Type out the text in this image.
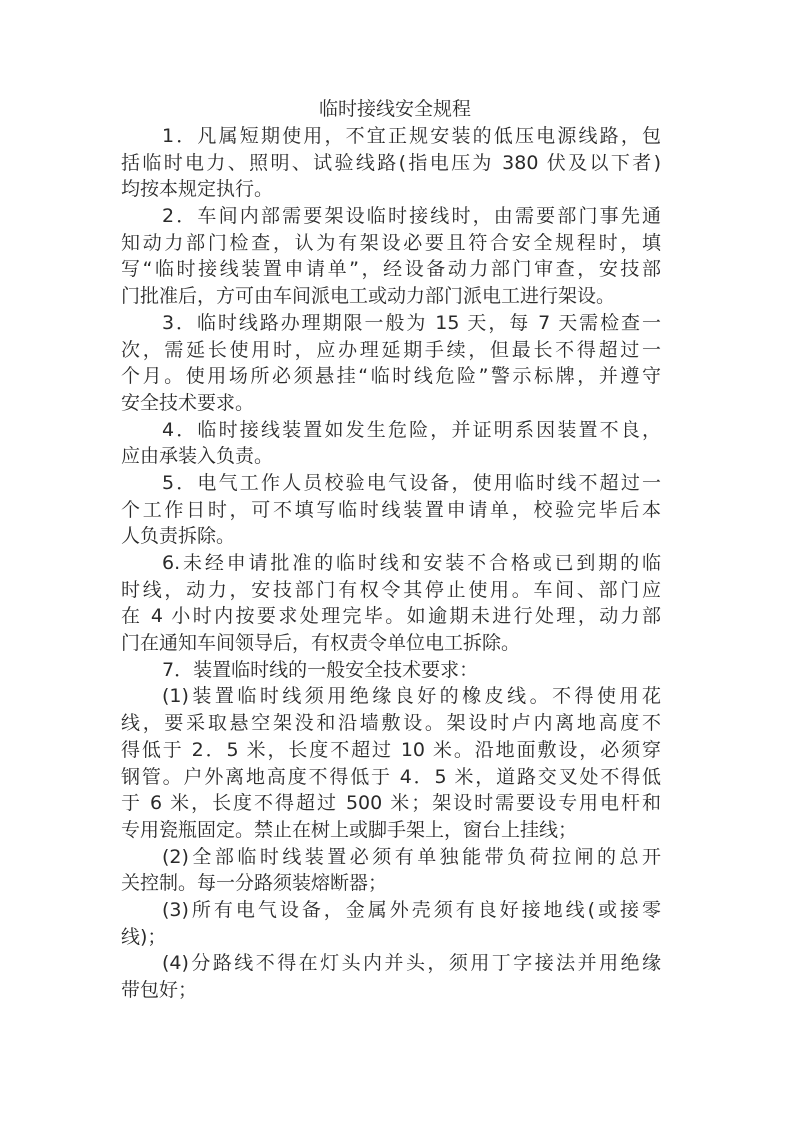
临时接线安全规程
1．凡属短期使用，不宜正规安装的低压电源线路，包
括临时电力、照明、试验线路(指电压为 380 伏及以下者)
均按本规定执行。
2．车间内部需要架设临时接线时，由需要部门事先通
知动力部门检查，认为有架设必要且符合安全规程时，填
写“临时接线装置申请单”，经设备动力部门审查，安技部
门批准后，方可由车间派电工或动力部门派电工进行架设。
3．临时线路办理期限一般为 15 天，每 7 天需检查一
次，需延长使用时，应办理延期手续，但最长不得超过一
个月。使用场所必须悬挂“临时线危险”警示标牌，并遵守
安全技术要求。
4．临时接线装置如发生危险，并证明系因装置不良，
应由承装入负责。
5．电气工作人员校验电气设备，使用临时线不超过一
个工作日时，可不填写临时线装置申请单，校验完毕后本
人负责拆除。
6.未经申请批准的临时线和安装不合格或已到期的临
时线，动力，安技部门有权令其停止使用。车间、部门应
在 4 小时内按要求处理完毕。如逾期未进行处理，动力部
门在通知车间领导后，有权责令单位电工拆除。
7．装置临时线的一般安全技术要求：
(1)装置临时线须用绝缘良好的橡皮线。不得使用花
线，要采取悬空架没和沿墙敷设。架设时卢内离地高度不
得低于 2．5 米，长度不超过 10 米。沿地面敷设，必须穿
钢管。户外离地高度不得低于 4．5 米，道路交叉处不得低
于 6 米，长度不得超过 500 米；架设时需要设专用电杆和
专用瓷瓶固定。禁止在树上或脚手架上，窗台上挂线；
(2)全部临时线装置必须有单独能带负荷拉闸的总开
关控制。每一分路须装熔断器；
(3)所有电气设备，金属外壳须有良好接地线(或接零
线)；
(4)分路线不得在灯头内并头，须用丁字接法并用绝缘
带包好；
